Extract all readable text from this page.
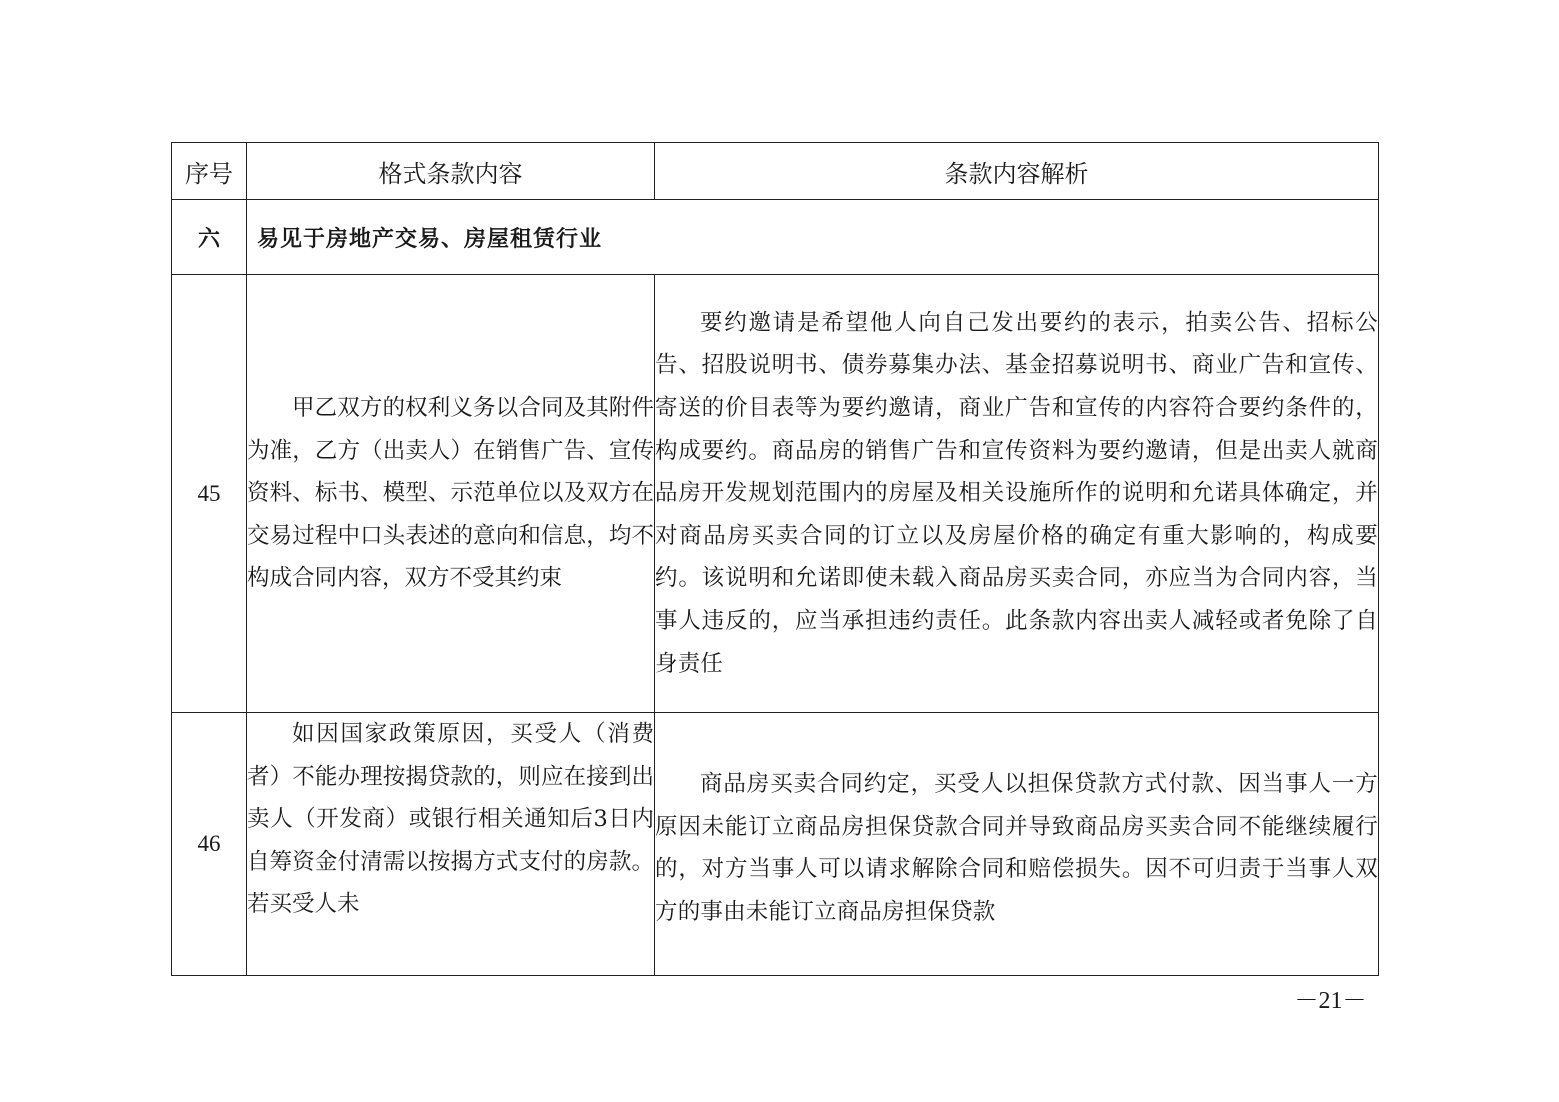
序号	格式条款内容	条款内容解析
六	易见于房地产交易、房屋租赁行业	
45	甲乙双方的权利义务以合同及其附件为准，乙方（出卖人）在销售广告、宣传资料、标书、模型、示范单位以及双方在交易过程中口头表述的意向和信息，均不构成合同内容，双方不受其约束	要约邀请是希望他人向自己发出要约的表示，拍卖公告、招标公告、招股说明书、债券募集办法、基金招募说明书、商业广告和宣传、寄送的价目表等为要约邀请，商业广告和宣传的内容符合要约条件的，构成要约。商品房的销售广告和宣传资料为要约邀请，但是出卖人就商品房开发规划范围内的房屋及相关设施所作的说明和允诺具体确定，并对商品房买卖合同的订立以及房屋价格的确定有重大影响的，构成要约。该说明和允诺即使未载入商品房买卖合同，亦应当为合同内容，当事人违反的，应当承担违约责任。此条款内容出卖人减轻或者免除了自身责任

46	如因国家政策原因，买受人（消费者）不能办理按揭贷款的，则应在接到出卖人（开发商）或银行相关通知后3日内自筹资金付清需以按揭方式支付的房款。若买受人未	商品房买卖合同约定，买受人以担保贷款方式付款、因当事人一方原因未能订立商品房担保贷款合同并导致商品房买卖合同不能继续履行的，对方当事人可以请求解除合同和赔偿损失。因不可归责于当事人双方的事由未能订立商品房担保贷款

－21－
